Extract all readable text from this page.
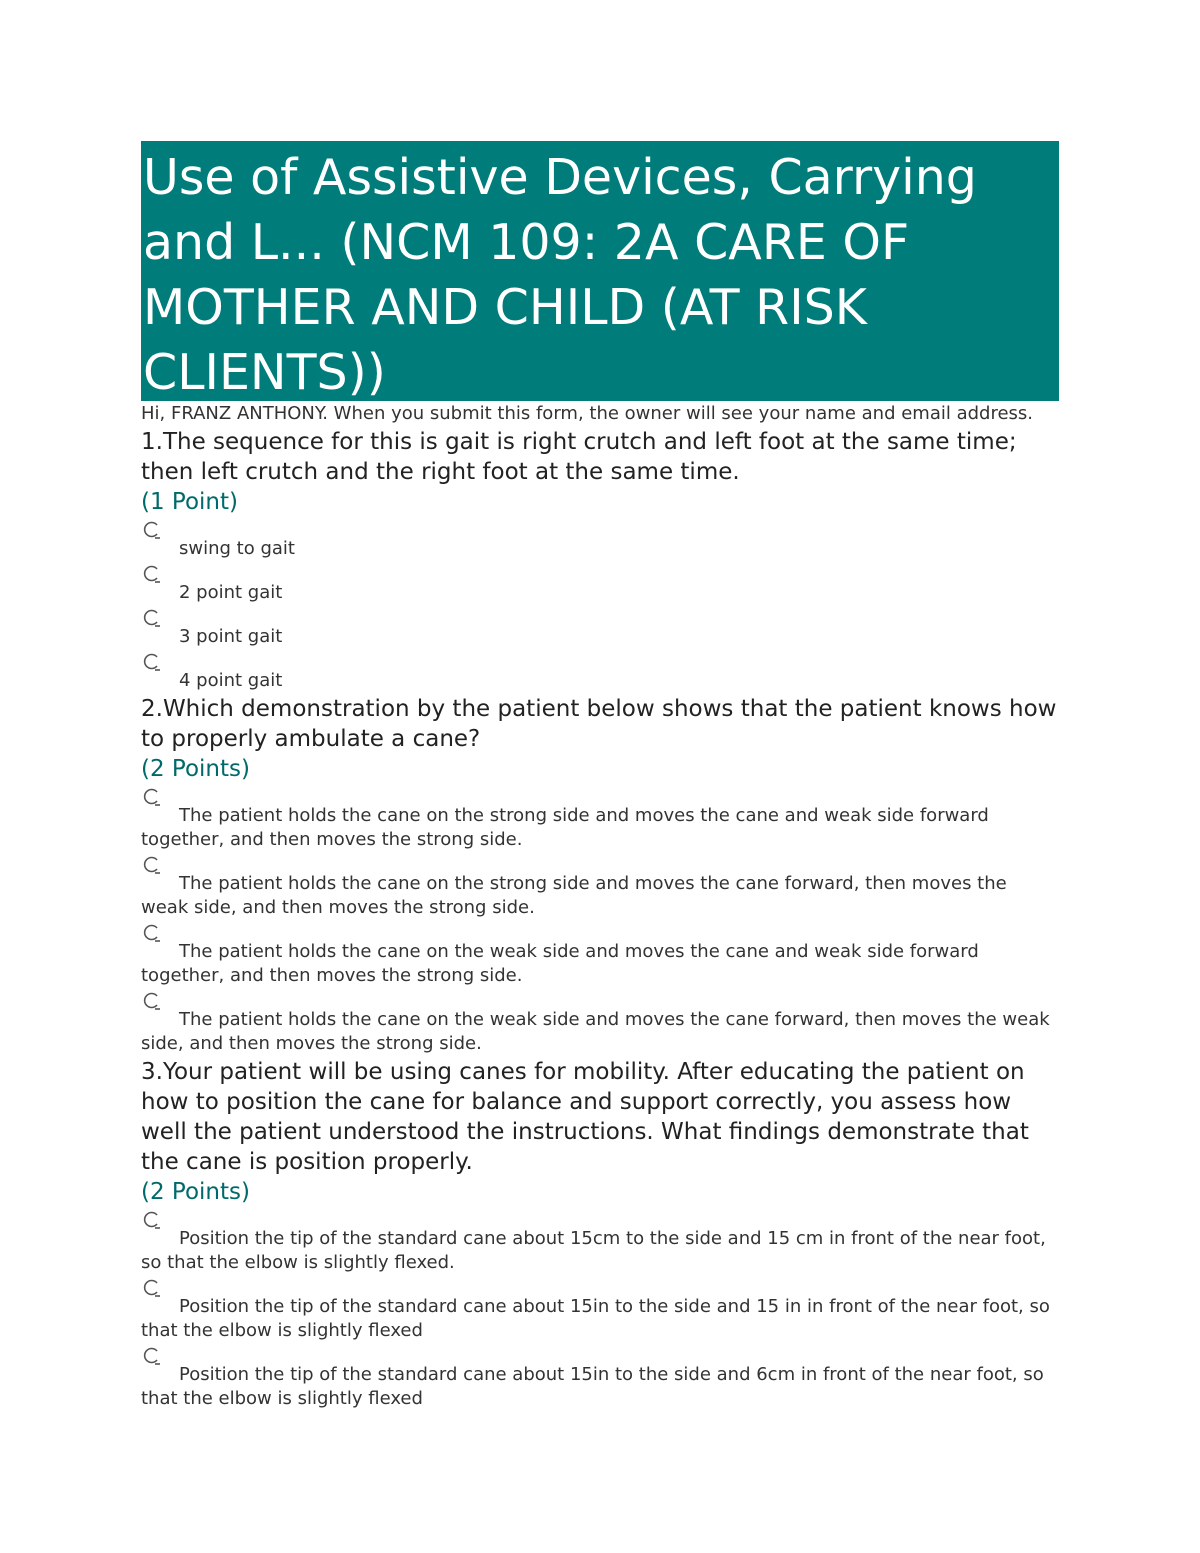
Use of Assistive Devices, Carrying and L... (NCM 109: 2A CARE OF MOTHER AND CHILD (AT RISK CLIENTS))

Hi, FRANZ ANTHONY. When you submit this form, the owner will see your name and email address.

1.The sequence for this is gait is right crutch and left foot at the same time; then left crutch and the right foot at the same time.

(1 Point)

swing to gait
2 point gait
3 point gait
4 point gait

2.Which demonstration by the patient below shows that the patient knows how to properly ambulate a cane?

(2 Points)

The patient holds the cane on the strong side and moves the cane and weak side forward together, and then moves the strong side.
The patient holds the cane on the strong side and moves the cane forward, then moves the weak side, and then moves the strong side.
The patient holds the cane on the weak side and moves the cane and weak side forward together, and then moves the strong side.
The patient holds the cane on the weak side and moves the cane forward, then moves the weak side, and then moves the strong side.

3.Your patient will be using canes for mobility. After educating the patient on how to position the cane for balance and support correctly, you assess how well the patient understood the instructions. What findings demonstrate that the cane is position properly.

(2 Points)

Position the tip of the standard cane about 15cm to the side and 15 cm in front of the near foot, so that the elbow is slightly flexed.
Position the tip of the standard cane about 15in to the side and 15 in in front of the near foot, so that the elbow is slightly flexed
Position the tip of the standard cane about 15in to the side and 6cm in front of the near foot, so that the elbow is slightly flexed
